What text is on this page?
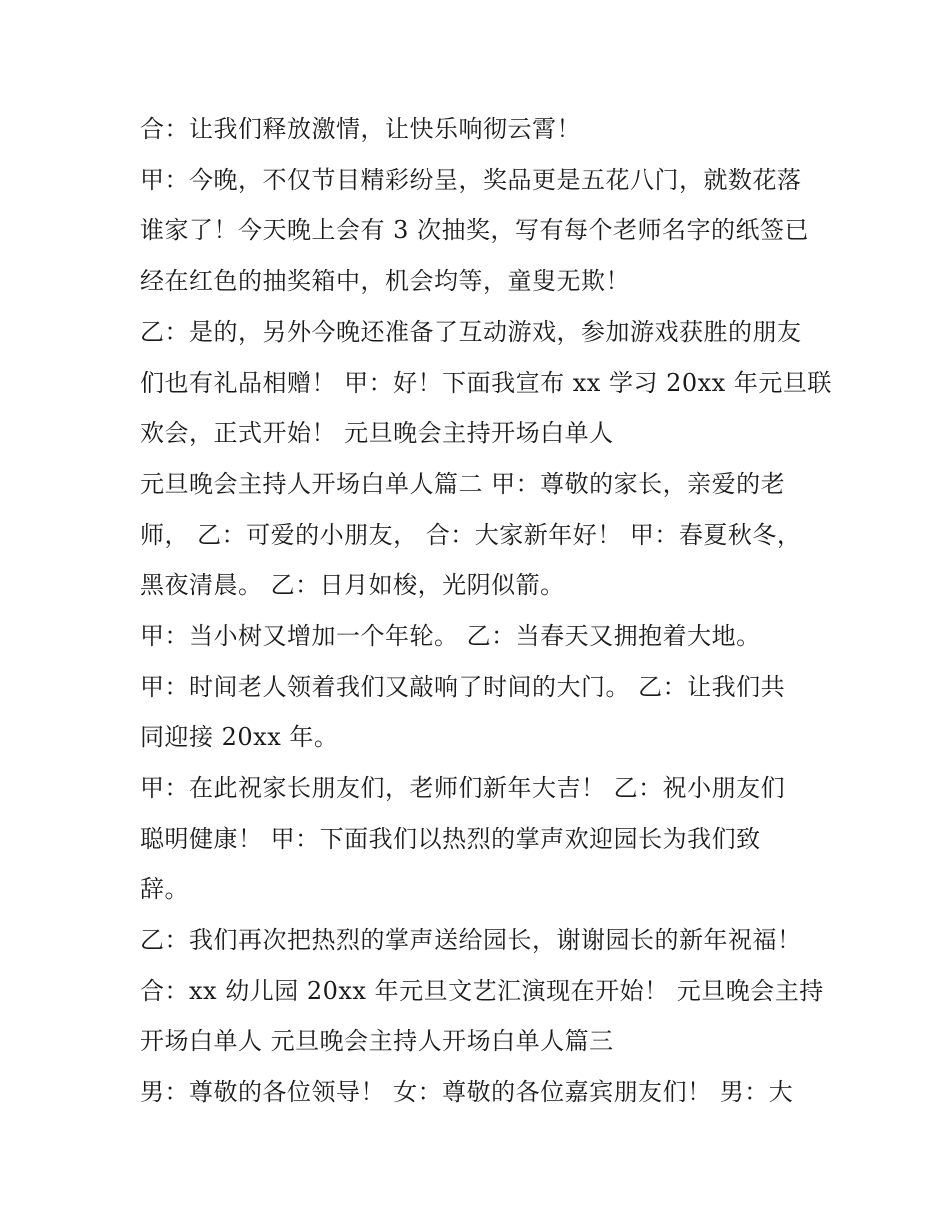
合：让我们释放激情，让快乐响彻云霄！
甲：今晚，不仅节目精彩纷呈，奖品更是五花八门，就数花落
谁家了！今天晚上会有 3 次抽奖，写有每个老师名字的纸签已
经在红色的抽奖箱中，机会均等，童叟无欺！
乙：是的，另外今晚还准备了互动游戏，参加游戏获胜的朋友
们也有礼品相赠！ 甲：好！下面我宣布 xx 学习 20xx 年元旦联
欢会，正式开始！ 元旦晚会主持开场白单人
元旦晚会主持人开场白单人篇二 甲：尊敬的家长，亲爱的老
师， 乙：可爱的小朋友， 合：大家新年好！ 甲：春夏秋冬，
黑夜清晨。 乙：日月如梭，光阴似箭。
甲：当小树又增加一个年轮。 乙：当春天又拥抱着大地。
甲：时间老人领着我们又敲响了时间的大门。 乙：让我们共
同迎接 20xx 年。
甲：在此祝家长朋友们，老师们新年大吉！ 乙：祝小朋友们
聪明健康！ 甲：下面我们以热烈的掌声欢迎园长为我们致
辞。
乙：我们再次把热烈的掌声送给园长，谢谢园长的新年祝福！
合：xx 幼儿园 20xx 年元旦文艺汇演现在开始！ 元旦晚会主持
开场白单人 元旦晚会主持人开场白单人篇三
男：尊敬的各位领导！ 女：尊敬的各位嘉宾朋友们！ 男：大
